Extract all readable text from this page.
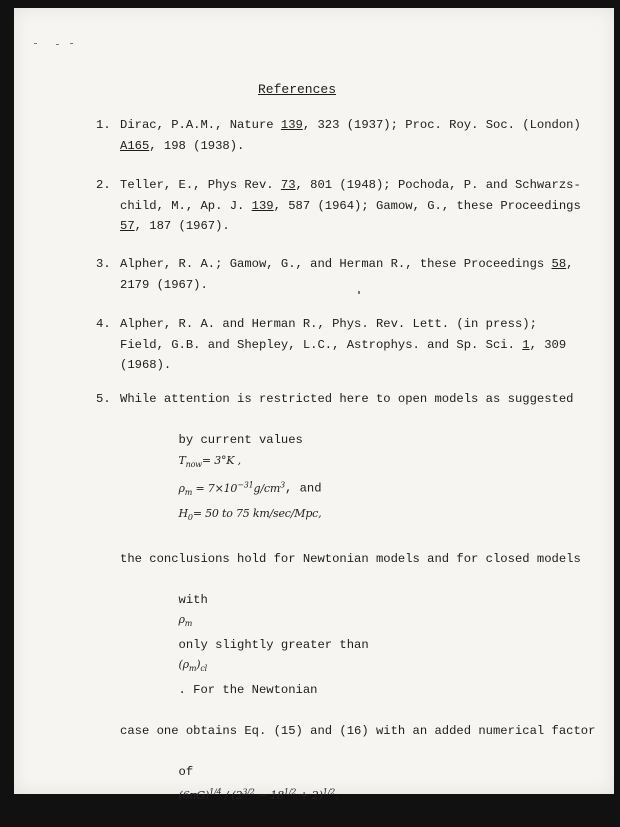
References
1. Dirac, P.A.M., Nature 139, 323 (1937); Proc. Roy. Soc. (London)
A165, 198 (1938).
2. Teller, E., Phys Rev. 73, 801 (1948); Pochoda, P. and Schwarzs-
child, M., Ap. J. 139, 587 (1964); Gamow, G., these Proceedings
57, 187 (1967).
3. Alpher, R. A.; Gamow, G., and Herman R., these Proceedings 58,
2179 (1967).
4. Alpher, R. A. and Herman R., Phys. Rev. Lett. (in press);
Field, G.B. and Shepley, L.C., Astrophys. and Sp. Sci. 1, 309
(1968).
5. While attention is restricted here to open models as suggested

by current values
$T_{now}= 3^\circ K$ ,
$\rho_m = 7\times 10^{-31}g/cm^3$, and
$H_0= 50$ to 75 km/sec/Mpc,

the conclusions hold for Newtonian models and for closed models

with
$\rho_m$
only slightly greater than
$(\rho_m)_{cl}$
. For the Newtonian

case one obtains Eq. (15) and (16) with an added numerical factor

of
$(6\pi G)^{1/4} / (2^{3/2} - 18^{1/2} + 2)^{1/2}$.
